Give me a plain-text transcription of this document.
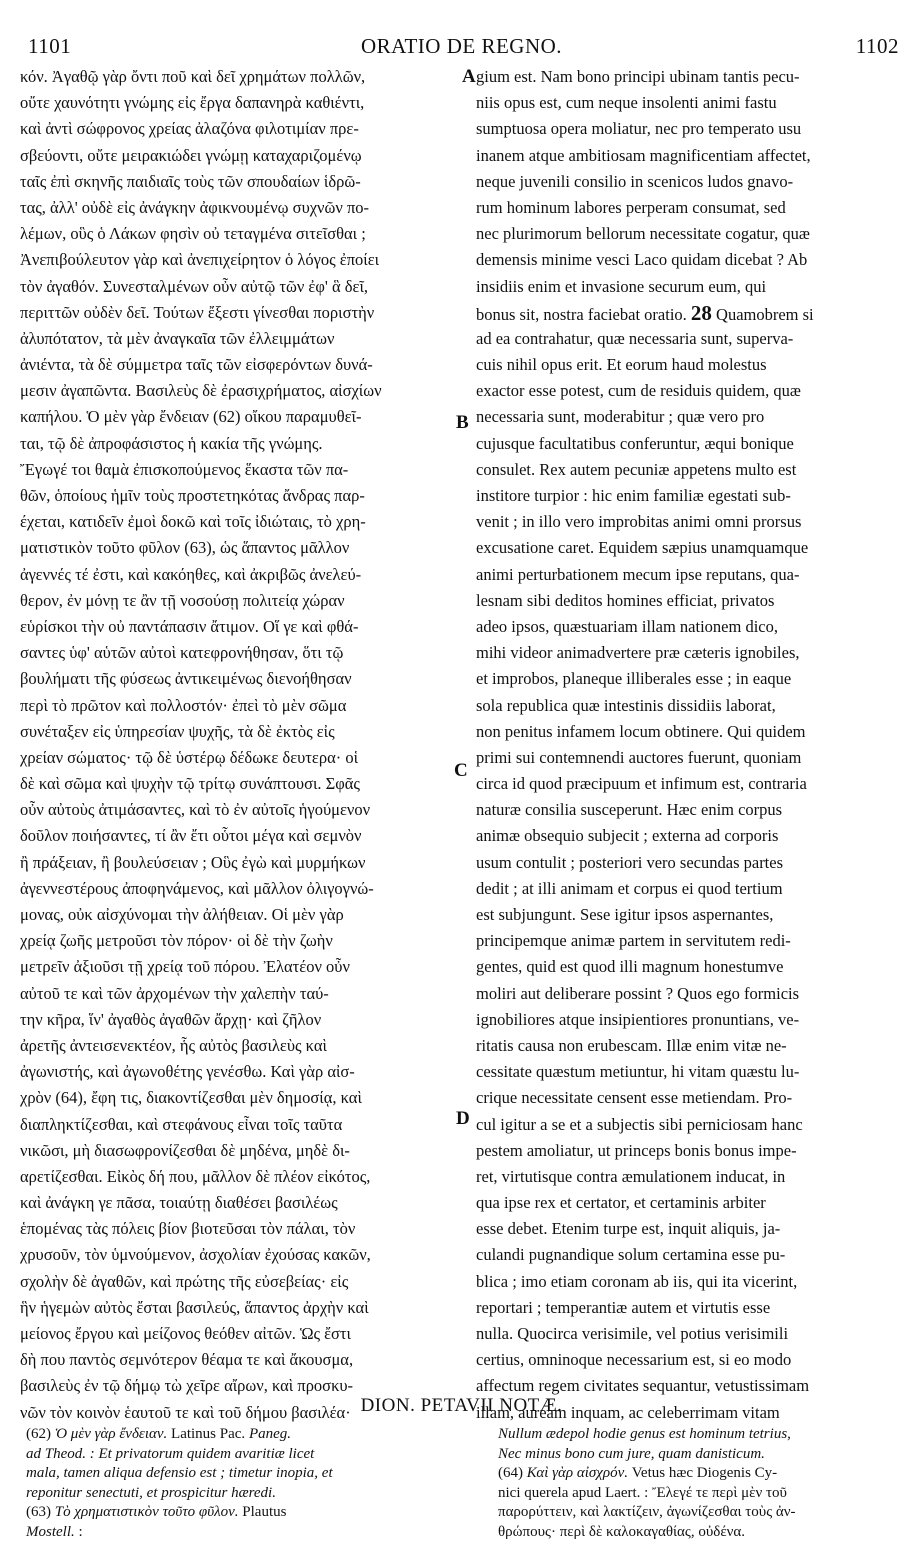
1101	ORATIO DE REGNO.	1102
κόν. Ἀγαθῷ γὰρ ὄντι ποῦ καὶ δεῖ χρημάτων πολλῶν,
οὔτε χαυνότητι γνώμης εἰς ἔργα δαπανηρὰ καθιέντι,
καὶ ἀντὶ σώφρονος χρείας ἀλαζόνα φιλοτιμίαν πρε-
σβεύοντι, οὔτε μειρακιώδει γνώμῃ καταχαριζομένῳ
ταῖς ἐπὶ σκηνῆς παιδιαῖς τοὺς τῶν σπουδαίων ἱδρῶ-
τας, ἀλλ' οὐδὲ εἰς ἀνάγκην ἀφικνουμένῳ συχνῶν πο-
λέμων, οὓς ὁ Λάκων φησὶν οὐ τεταγμένα σιτεῖσθαι ;
Ἀνεπιβούλευτον γὰρ καὶ ἀνεπιχείρητον ὁ λόγος ἐποίει
τὸν ἀγαθόν. Συνεσταλμένων οὖν αὐτῷ τῶν ἐφ' ἃ δεῖ,
περιττῶν οὐδὲν δεῖ. Τούτων ἔξεστι γίνεσθαι ποριστὴν
ἀλυπότατον, τὰ μὲν ἀναγκαῖα τῶν ἐλλειμμάτων
ἀνιέντα, τὰ δὲ σύμμετρα ταῖς τῶν εἰσφερόντων δυνά-
μεσιν ἀγαπῶντα. Βασιλεὺς δὲ ἐρασιχρήματος, αἰσχίων
καπήλου. Ὁ μὲν γὰρ ἔνδειαν (62) οἴκου παραμυθεῖ-
ται, τῷ δὲ ἀπροφάσιστος ἡ κακία τῆς γνώμης.
Ἔγωγέ τοι θαμὰ ἐπισκοπούμενος ἕκαστα τῶν πα-
θῶν, ὁποίους ἡμῖν τοὺς προστετηκότας ἄνδρας παρ-
έχεται, κατιδεῖν ἐμοὶ δοκῶ καὶ τοῖς ἰδιώταις, τὸ χρη-
ματιστικὸν τοῦτο φῦλον (63), ὡς ἅπαντος μᾶλλον
ἀγεννές τέ ἐστι, καὶ κακόηθες, καὶ ἀκριβῶς ἀνελεύ-
θερον, ἐν μόνῃ τε ἂν τῇ νοσούσῃ πολιτείᾳ χώραν
εὑρίσκοι τὴν οὐ παντάπασιν ἄτιμον. Οἵ γε καὶ φθά-
σαντες ὑφ' αὑτῶν αὐτοὶ κατεφρονήθησαν, ὅτι τῷ
βουλήματι τῆς φύσεως ἀντικειμένως διενοήθησαν
περὶ τὸ πρῶτον καὶ πολλοστόν· ἐπεὶ τὸ μὲν σῶμα
συνέταξεν εἰς ὑπηρεσίαν ψυχῆς, τὰ δὲ ἐκτὸς εἰς
χρείαν σώματος· τῷ δὲ ὑστέρῳ δέδωκε δευτερα· οἱ
δὲ καὶ σῶμα καὶ ψυχὴν τῷ τρίτῳ συνάπτουσι. Σφᾶς
οὖν αὐτοὺς ἀτιμάσαντες, καὶ τὸ ἐν αὐτοῖς ἡγούμενον
δοῦλον ποιήσαντες, τί ἂν ἔτι οὗτοι μέγα καὶ σεμνὸν
ἢ πράξειαν, ἢ βουλεύσειαν ; Οὓς ἐγὼ καὶ μυρμήκων
ἀγεννεστέρους ἀποφηνάμενος, καὶ μᾶλλον ὀλιγογνώ-
μονας, οὐκ αἰσχύνομαι τὴν ἀλήθειαν. Οἱ μὲν γὰρ
χρείᾳ ζωῆς μετροῦσι τὸν πόρον· οἱ δὲ τὴν ζωὴν
μετρεῖν ἀξιοῦσι τῇ χρείᾳ τοῦ πόρου. Ἐλατέον οὖν
αὐτοῦ τε καὶ τῶν ἀρχομένων τὴν χαλεπὴν ταύ-
την κῆρα, ἵν' ἀγαθὸς ἀγαθῶν ἄρχῃ· καὶ ζῆλον
ἀρετῆς ἀντεισενεκτέον, ἧς αὐτὸς βασιλεὺς καὶ
ἀγωνιστής, καὶ ἀγωνοθέτης γενέσθω. Καὶ γὰρ αἰσ-
χρὸν (64), ἔφη τις, διακοντίζεσθαι μὲν δημοσίᾳ, καὶ
διαπληκτίζεσθαι, καὶ στεφάνους εἶναι τοῖς ταῦτα
νικῶσι, μὴ διασωφρονίζεσθαι δὲ μηδένα, μηδὲ δι-
αρετίζεσθαι. Εἰκὸς δή που, μᾶλλον δὲ πλέον εἰκότος,
καὶ ἀνάγκη γε πᾶσα, τοιαύτῃ διαθέσει βασιλέως
ἑπομένας τὰς πόλεις βίον βιοτεῦσαι τὸν πάλαι, τὸν
χρυσοῦν, τὸν ὑμνούμενον, ἀσχολίαν ἐχούσας κακῶν,
σχολὴν δὲ ἀγαθῶν, καὶ πρώτης τῆς εὐσεβείας· εἰς
ἣν ἡγεμὼν αὐτὸς ἔσται βασιλεύς, ἅπαντος ἀρχὴν καὶ
μείονος ἔργου καὶ μείζονος θεόθεν αἰτῶν. Ὡς ἔστι
δὴ που παντὸς σεμνότερον θέαμα τε καὶ ἄκουσμα,
βασιλεὺς ἐν τῷ δήμῳ τὼ χεῖρε αἴρων, καὶ προσκυ-
νῶν τὸν κοινὸν ἑαυτοῦ τε καὶ τοῦ δήμου βασιλέα·
gium est. Nam bono principi ubinam tantis pecu-
niis opus est, cum neque insolenti animi fastu
sumptuosa opera moliatur, nec pro temperato usu
inanem atque ambitiosam magnificentiam affectet,
neque juvenili consilio in scenicos ludos gnavo-
rum hominum labores perperam consumat, sed
nec plurimorum bellorum necessitate cogatur, quæ
demensis minime vesci Laco quidam dicebat ? Ab
insidiis enim et invasione securum eum, qui
bonus sit, nostra faciebat oratio. 28 Quamobrem si
ad ea contrahatur, quæ necessaria sunt, superva-
cuis nihil opus erit. Et eorum haud molestus
exactor esse potest, cum de residuis quidem, quæ
necessaria sunt, moderabitur ; quæ vero pro
cujusque facultatibus conferuntur, æqui bonique
consulet. Rex autem pecuniæ appetens multo est
institore turpior : hic enim familiæ egestati sub-
venit ; in illo vero improbitas animi omni prorsus
excusatione caret. Equidem sæpius unamquamque
animi perturbationem mecum ipse reputans, qua-
lesnam sibi deditos homines efficiat, privatos
adeo ipsos, quæstuariam illam nationem dico,
mihi videor animadvertere præ cæteris ignobiles,
et improbos, planeque illiberales esse ; in eaque
sola republica quæ intestinis dissidiis laborat,
non penitus infamem locum obtinere. Qui quidem
primi sui contemnendi auctores fuerunt, quoniam
circa id quod præcipuum et infimum est, contraria
naturæ consilia susceperunt. Hæc enim corpus
animæ obsequio subjecit ; externa ad corporis
usum contulit ; posteriori vero secundas partes
dedit ; at illi animam et corpus ei quod tertium
est subjungunt. Sese igitur ipsos aspernantes,
principemque animæ partem in servitutem redi-
gentes, quid est quod illi magnum honestumve
moliri aut deliberare possint ? Quos ego formicis
ignobiliores atque insipientiores pronuntians, ve-
ritatis causa non erubescam. Illæ enim vitæ ne-
cessitate quæstum metiuntur, hi vitam quæstu lu-
crique necessitate censent esse metiendam. Pro-
cul igitur a se et a subjectis sibi perniciosam hanc
pestem amoliatur, ut princeps bonis bonus impe-
ret, virtutisque contra æmulationem inducat, in
qua ipse rex et certator, et certaminis arbiter
esse debet. Etenim turpe est, inquit aliquis, ja-
culandi pugnandique solum certamina esse pu-
blica ; imo etiam coronam ab iis, qui ita vicerint,
reportari ; temperantiæ autem et virtutis esse
nulla. Quocirca verisimile, vel potius verisimili
certius, omninoque necessarium est, si eo modo
affectum regem civitates sequantur, vetustissimam
illam, auream inquam, ac celeberrimam vitam
A
B
C
D
DION. PETAVII NOTÆ.
(62) Ὁ μὲν γὰρ ἔνδειαν. Latinus Pac. Paneg.
ad Theod. : Et privatorum quidem avaritiæ licet
mala, tamen aliqua defensio est ; timetur inopia, et
reponitur senectuti, et prospicitur hæredi.
(63) Τὸ χρηματιστικὸν τοῦτο φῦλον. Plautus
Mostell. :
Nullum ædepol hodie genus est hominum tetrius,
Nec minus bono cum jure, quam danisticum.
(64) Καὶ γὰρ αἰσχρόν. Vetus hæc Diogenis Cy-
nici querela apud Laert. : Ἔλεγέ τε περὶ μὲν τοῦ
παρορύττειν, καὶ λακτίζειν, ἀγωνίζεσθαι τοὺς ἀν-
θρώπους· περὶ δὲ καλοκαγαθίας, οὐδένα.
